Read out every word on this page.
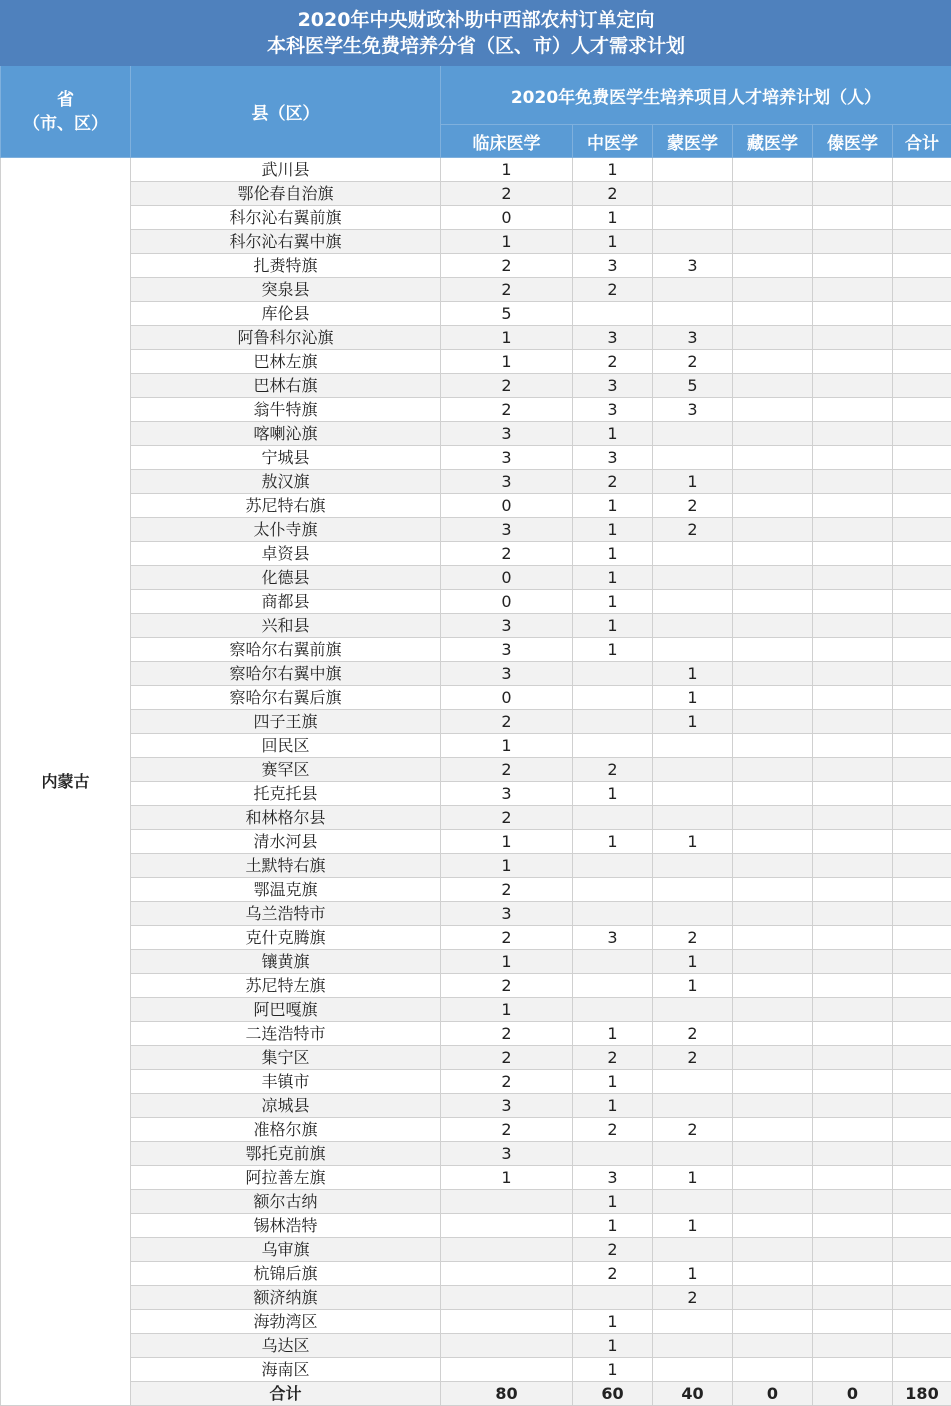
2020年中央财政补助中西部农村订单定向
本科医学生免费培养分省（区、市）人才需求计划							

省
（市、区）	县（区）	2020年免费医学生培养项目人才培养计划（人）					
		临床医学	中医学	蒙医学	藏医学	傣医学	合计
内蒙古	武川县	1	1				
	鄂伦春自治旗	2	2				
	科尔沁右翼前旗	0	1				
	科尔沁右翼中旗	1	1				
	扎赉特旗	2	3	3			
	突泉县	2	2				
	库伦县	5					
	阿鲁科尔沁旗	1	3	3			
	巴林左旗	1	2	2			
	巴林右旗	2	3	5			
	翁牛特旗	2	3	3			
	喀喇沁旗	3	1				
	宁城县	3	3				
	敖汉旗	3	2	1			
	苏尼特右旗	0	1	2			
	太仆寺旗	3	1	2			
	卓资县	2	1				
	化德县	0	1				
	商都县	0	1				
	兴和县	3	1				
	察哈尔右翼前旗	3	1				
	察哈尔右翼中旗	3		1			
	察哈尔右翼后旗	0		1			
	四子王旗	2		1			
	回民区	1					
	赛罕区	2	2				
	托克托县	3	1				
	和林格尔县	2					
	清水河县	1	1	1			
	土默特右旗	1					
	鄂温克旗	2					
	乌兰浩特市	3					
	克什克腾旗	2	3	2			
	镶黄旗	1		1			
	苏尼特左旗	2		1			
	阿巴嘎旗	1					
	二连浩特市	2	1	2			
	集宁区	2	2	2			
	丰镇市	2	1				
	凉城县	3	1				
	准格尔旗	2	2	2			
	鄂托克前旗	3					
	阿拉善左旗	1	3	1			
	额尔古纳		1				
	锡林浩特		1	1			
	乌审旗		2				
	杭锦后旗		2	1			
	额济纳旗			2			
	海勃湾区		1				
	乌达区		1				
	海南区		1				
	合计	80	60	40	0	0	180
